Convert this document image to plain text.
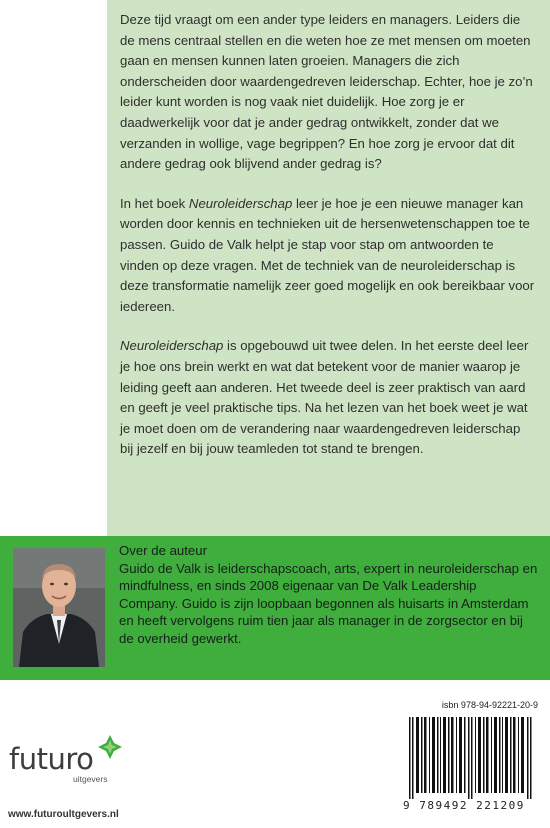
Deze tijd vraagt om een ander type leiders en managers. Leiders die de mens centraal stellen en die weten hoe ze met mensen om moeten gaan en mensen kunnen laten groeien. Managers die zich onderscheiden door waardengedreven leiderschap. Echter, hoe je zo’n leider kunt worden is nog vaak niet duidelijk. Hoe zorg je er daadwerkelijk voor dat je ander gedrag ontwikkelt, zonder dat we verzanden in wollige, vage begrippen? En hoe zorg je ervoor dat dit andere gedrag ook blijvend ander gedrag is?

In het boek Neuroleiderschap leer je hoe je een nieuwe manager kan worden door kennis en technieken uit de hersenwetenschappen toe te passen. Guido de Valk helpt je stap voor stap om antwoorden te vinden op deze vragen. Met de techniek van de neuroleiderschap is deze transformatie namelijk zeer goed mogelijk en ook bereikbaar voor iedereen.

Neuroleiderschap is opgebouwd uit twee delen. In het eerste deel leer je hoe ons brein werkt en wat dat betekent voor de manier waarop je leiding geeft aan anderen. Het tweede deel is zeer praktisch van aard en geeft je veel praktische tips. Na het lezen van het boek weet je wat je moet doen om de verandering naar waardengedreven leiderschap bij jezelf en bij jouw teamleden tot stand te brengen.

Over de auteur
Guido de Valk is leiderschapscoach, arts, expert in neuroleiderschap en mindfulness, en sinds 2008 eigenaar van De Valk Leadership Company. Guido is zijn loopbaan begonnen als huisarts in Amsterdam en heeft vervolgens ruim tien jaar als manager in de zorgsector en bij de overheid gewerkt.
futuro
uitgevers
www.futuroultgevers.nl
isbn 978-94-92221-20-9
9 789492 221209
